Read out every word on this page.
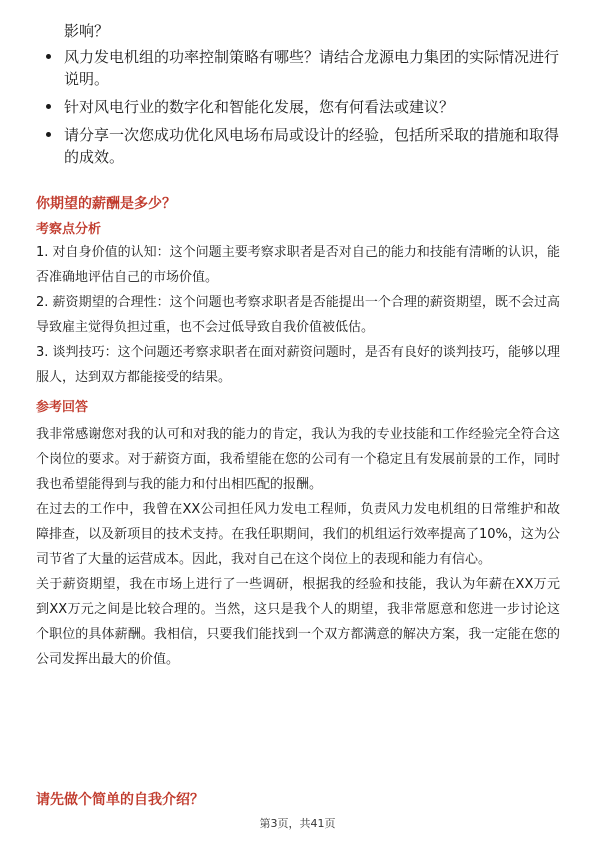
影响？

风力发电机组的功率控制策略有哪些？请结合龙源电力集团的实际情况进行说明。
针对风电行业的数字化和智能化发展，您有何看法或建议？
请分享一次您成功优化风电场布局或设计的经验，包括所采取的措施和取得的成效。

你期望的薪酬是多少？

考察点分析

1. 对自身价值的认知：这个问题主要考察求职者是否对自己的能力和技能有清晰的认识，能否准确地评估自己的市场价值。

2. 薪资期望的合理性：这个问题也考察求职者是否能提出一个合理的薪资期望，既不会过高导致雇主觉得负担过重，也不会过低导致自我价值被低估。

3. 谈判技巧：这个问题还考察求职者在面对薪资问题时，是否有良好的谈判技巧，能够以理服人，达到双方都能接受的结果。

参考回答

我非常感谢您对我的认可和对我的能力的肯定，我认为我的专业技能和工作经验完全符合这个岗位的要求。对于薪资方面，我希望能在您的公司有一个稳定且有发展前景的工作，同时我也希望能得到与我的能力和付出相匹配的报酬。

在过去的工作中，我曾在XX公司担任风力发电工程师，负责风力发电机组的日常维护和故障排查，以及新项目的技术支持。在我任职期间，我们的机组运行效率提高了10%，这为公司节省了大量的运营成本。因此，我对自己在这个岗位上的表现和能力有信心。

关于薪资期望，我在市场上进行了一些调研，根据我的经验和技能，我认为年薪在XX万元到XX万元之间是比较合理的。当然，这只是我个人的期望，我非常愿意和您进一步讨论这个职位的具体薪酬。我相信，只要我们能找到一个双方都满意的解决方案，我一定能在您的公司发挥出最大的价值。

请先做个简单的自我介绍？

第3页，共41页
